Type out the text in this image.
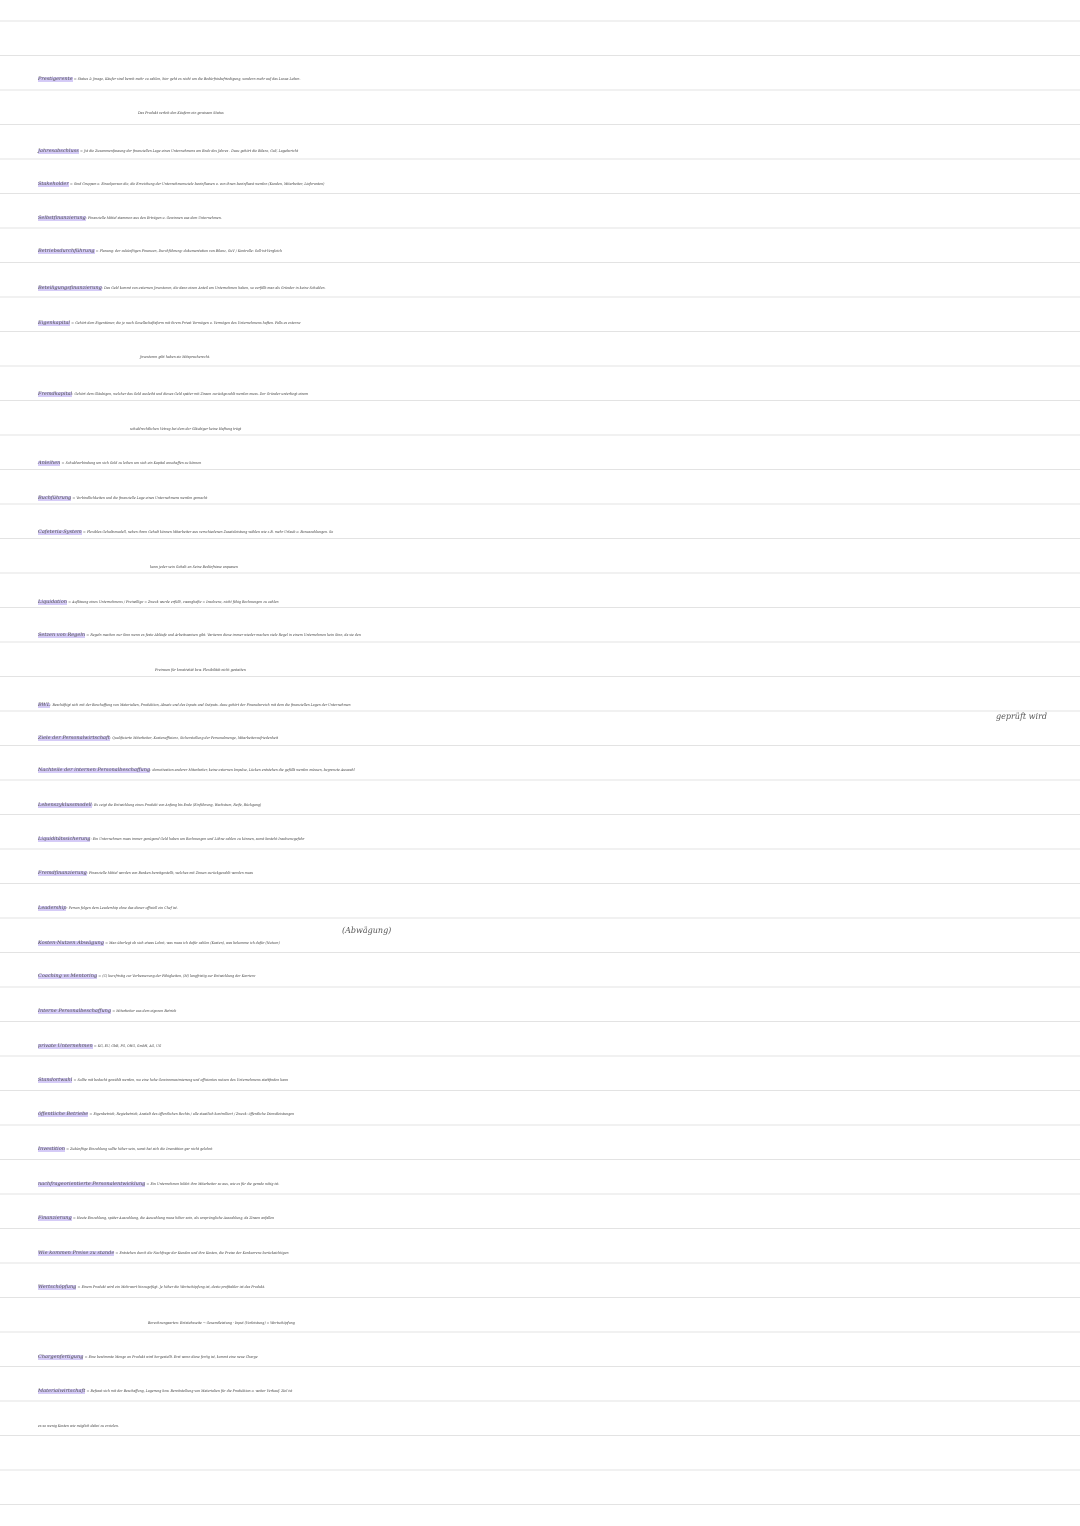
Prestigerente = Status & Jmage, Käufer sind bereit mehr zu zahlen, hier geht es nicht um die Bedürfnisbefriedigung, sondern mehr auf das Luxus Leben.
Das Produkt verleit den Käufern ein gewissen Status
Jahresabschluss = Jst die Zusammenfassung der finanziellen Lage eines Unternehmens am Ende des Jahres . Dazu gehört die Bilanz, GuV, Lagebericht
Stakeholder = Sind Gruppen o. Einzelperson die, die Erreichung der Unternehmensziele beeinflussen o. von ihnen beeinflusst werden (Kunden, Mitarbeiter, Lieferanten)
Selbstfinanzierung: Finanzielle Mittel stammen aus den Erträgen u. Gewinnen aus dem Unternehmen.
Betriebsdurchführung = Planung: der zukünftigen Finanzen, Durchführung: dokumentation von Bilanz, GuV / Kontrolle: Soll-ist-Vergleich
Beteiligungsfinanzierung: Das Geld kommt von externen Jnvestoren, die dann einen Anteil am Unternehmen haben, so verfällt man als Gründer in keine Schulden.
Eigenkapital = Gehört dem Eigentümer, die je nach Gesellschaftsform mit ihrem Privat Vermögen o. Vermögen des Unternehmens haften. Falls es externe
Jnvestoren gibt haben sie Mitspracherecht.
Fremdkapital: Gehört dem Gläubigen, welcher das Geld ausleiht und dieses Geld später mit Zinsen zurückgezahlt werden muss. Der Gründer unterliegt einem
schuldrechtlichen Vetrag bei dem der Gläubiger keine Haftung trägt
Anleihen = Schuldverbindung um sich Geld zu leihen um sich ein Kapital anschaffen zu können
Buchführung = Verbindlichkeiten und die finanzielle Lage eines Unternehmens werden gemacht
Cafeteria-System = Flexibles Gehaltsmodell, neben ihren Gehalt können Mitarbeiter aus verschiedenen Zusatzleistung wählen wie z.B. mehr Urlaub o. Bonuszahlungen. So
kann jeder sein Gehalt an Seine Bedürfnisse anpassen
Liquidation = Auflösung eines Unternehmens / Freiwillige = Zweck wurde erfüllt, zwanghafte = Insolvenz, nicht fähig Rechnungen zu zahlen
Setzen von Regeln = Regeln machen nur Sinn wenn es feste Abläufe und Arbeitsweisen gibt. Variieren diese immer wieder machen viele Regel in einem Unternehmen kein Sinn, da sie den
Freiraum für kreativität bzw. Flexibilität nicht gestatten
BWL: Beschäftigt sich mit der Beschaffung von Materialien, Produktion, Absatz und des Inputs und Outputs. dazu gehört der Finanzbereich mit dem die finanziellen Lagen der Unternehmen
geprüft wird
Ziele der Personalwirtschaft: Qualifizierte Mitarbeiter, Kosteneffizienz, Sicherstellung der Personalmenge, Mitarbeiterzufriedenheit
Nachteile der internen Personalbeschaffung: demotivation anderer Mitarbeiter, keine externen Impulse, Lücken entstehen die gefüllt werden müssen, begrenzte Auswahl
Lebenszyklussmodell: Es zeigt die Entwicklung eines Produkt von Anfang bis Ende (Einführung, Wachstum, Reife, Rückgang)
Liquiditätssicherung: Ein Unternehmen muss immer genügend Geld haben um Rechnungen und Löhne zahlen zu können, sonst besteht Insolvenzgefahr
Fremdfinanzierung: Finanzielle Mittel werden von Banken bereitgestellt, welches mit Zinsen zurückgezahlt werden muss
Leadership: Person folgen dem Leadership ohne das dieser offiziell ein Chef ist.
(Abwägung)
Kosten-Nutzen Abwägung = Man überlegt ob sich etwas Lohnt, was muss ich dafür zahlen (Kosten), was bekomme ich dafür (Nutzen)
Coaching vs Mentoring = (C) kurzfristig zur Verbesserung der Fähigkeiten, (M) langfristig zur Entwicklung der Karriere
Interne Personalbeschaffung = Mitarbeiter aus dem eigenen Betrieb
private Unternehmen = KG, EU, GbR, PG, OHG, GmbH, AG, UG
Standortwahl = Sollte mit bedacht gewählt werden, wo eine hohe Gewinnmaximierung und effizientes nutzen des Unternehmens stattfinden kann
öffentliche Betriebe = Eigenbetrieb, Regiebetrieb, Anstalt des öffentlichen Rechts / alle staatlich kontrolliert / Zweck: öffentliche Dienstleistungen
Investition = Zukünftige Einzahlung sollte höher sein, sonst hat sich die Investition gar nicht gelohnt
nachfrageorientierte Personalentwicklung = Ein Unternehmen bildet ihre Mitarbeiter so aus, wie es für die gerade nötig ist.
Finanzierung = Heute Einzahlung, später Auszahlung, die Auszahlung muss höher sein, als ursprüngliche Auszahlung, da Zinsen anfallen
Wie kommen Preise zu stande = Entstehen durch die Nachfrage der Kunden und ihre Kosten, die Preise der Konkurrenz berücksichtigen
Wertschöpfung = Einem Produkt wird ein Mehrwert hinzugefügt. Je höher die Wertschöpfung ist, desto profitabler ist das Produkt.
Berechnungsarten: Entstehsseite → Gesamtleistung - Input (Vorleistung) = Wertschöpfung
Chargenfertigung = Eine bestimmte Menge an Produkt wird hergestellt. Erst wenn diese fertig ist, kommt eine neue Charge
Materialwirtschaft = Befasst sich mit der Beschaffung, Lagerung bzw. Bereitstellung von Materialien für die Produktion o. weiter Verkauf. Ziel ist
es so wenig Kosten wie möglich dabei zu erzielen.
